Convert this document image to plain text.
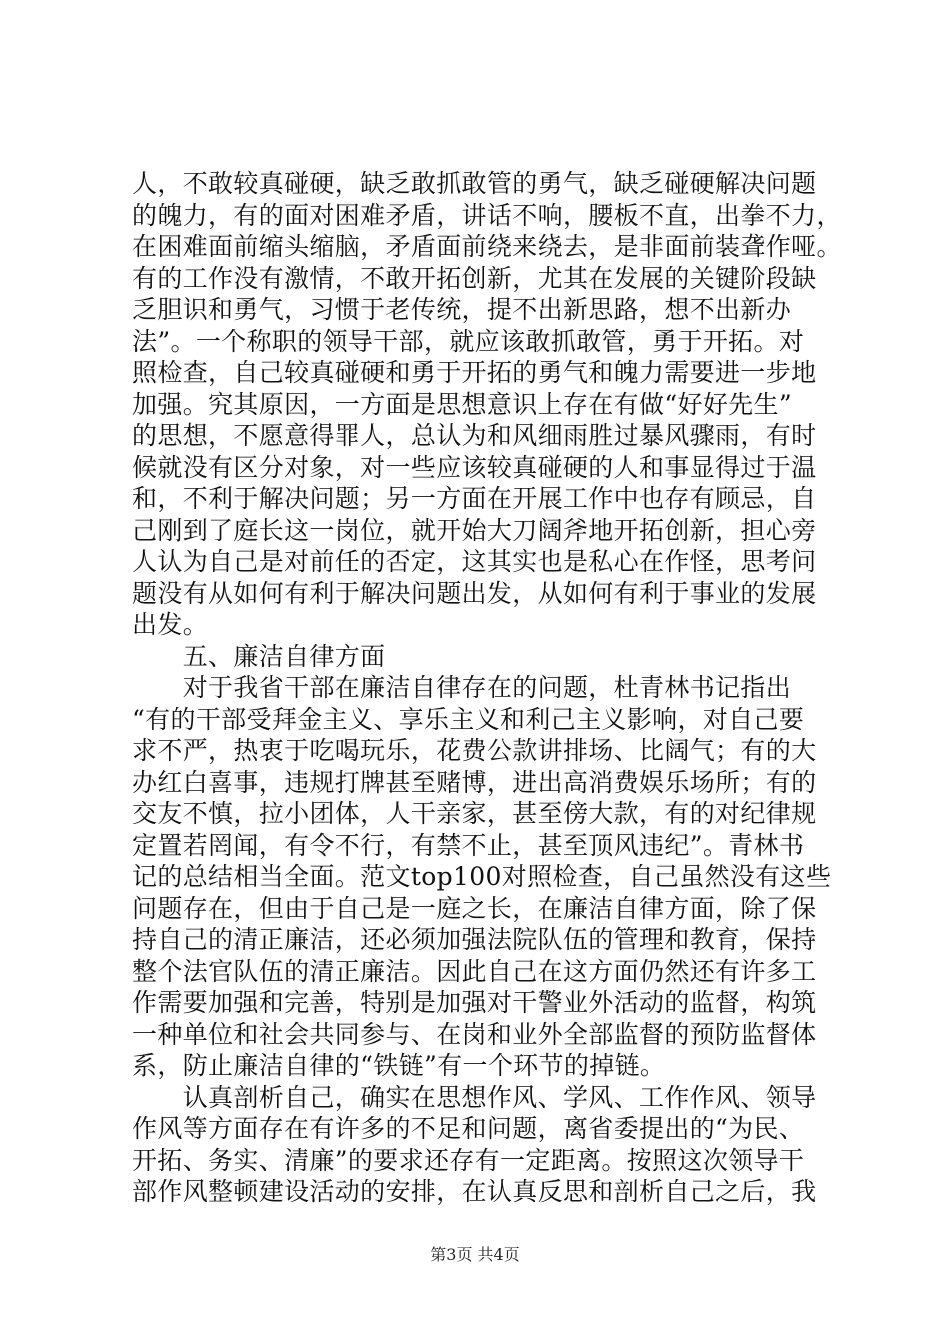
人，不敢较真碰硬，缺乏敢抓敢管的勇气，缺乏碰硬解决问题
的魄力，有的面对困难矛盾，讲话不响，腰板不直，出拳不力，
在困难面前缩头缩脑，矛盾面前绕来绕去，是非面前装聋作哑。
有的工作没有激情，不敢开拓创新，尤其在发展的关键阶段缺
乏胆识和勇气，习惯于老传统，提不出新思路，想不出新办
法”。一个称职的领导干部，就应该敢抓敢管，勇于开拓。对
照检查，自己较真碰硬和勇于开拓的勇气和魄力需要进一步地
加强。究其原因，一方面是思想意识上存在有做“好好先生”
的思想，不愿意得罪人，总认为和风细雨胜过暴风骤雨，有时
候就没有区分对象，对一些应该较真碰硬的人和事显得过于温
和，不利于解决问题；另一方面在开展工作中也存有顾忌，自
己刚到了庭长这一岗位，就开始大刀阔斧地开拓创新，担心旁
人认为自己是对前任的否定，这其实也是私心在作怪，思考问
题没有从如何有利于解决问题出发，从如何有利于事业的发展
出发。
　　五、廉洁自律方面
　　对于我省干部在廉洁自律存在的问题，杜青林书记指出
“有的干部受拜金主义、享乐主义和利己主义影响，对自己要
求不严，热衷于吃喝玩乐，花费公款讲排场、比阔气；有的大
办红白喜事，违规打牌甚至赌博，进出高消费娱乐场所；有的
交友不慎，拉小团体，人干亲家，甚至傍大款，有的对纪律规
定置若罔闻，有令不行，有禁不止，甚至顶风违纪”。青林书
记的总结相当全面。范文top100对照检查，自己虽然没有这些
问题存在，但由于自己是一庭之长，在廉洁自律方面，除了保
持自己的清正廉洁，还必须加强法院队伍的管理和教育，保持
整个法官队伍的清正廉洁。因此自己在这方面仍然还有许多工
作需要加强和完善，特别是加强对干警业外活动的监督，构筑
一种单位和社会共同参与、在岗和业外全部监督的预防监督体
系，防止廉洁自律的“铁链”有一个环节的掉链。
　　认真剖析自己，确实在思想作风、学风、工作作风、领导
作风等方面存在有许多的不足和问题，离省委提出的“为民、
开拓、务实、清廉”的要求还存有一定距离。按照这次领导干
部作风整顿建设活动的安排，在认真反思和剖析自己之后，我
第3页 共4页
